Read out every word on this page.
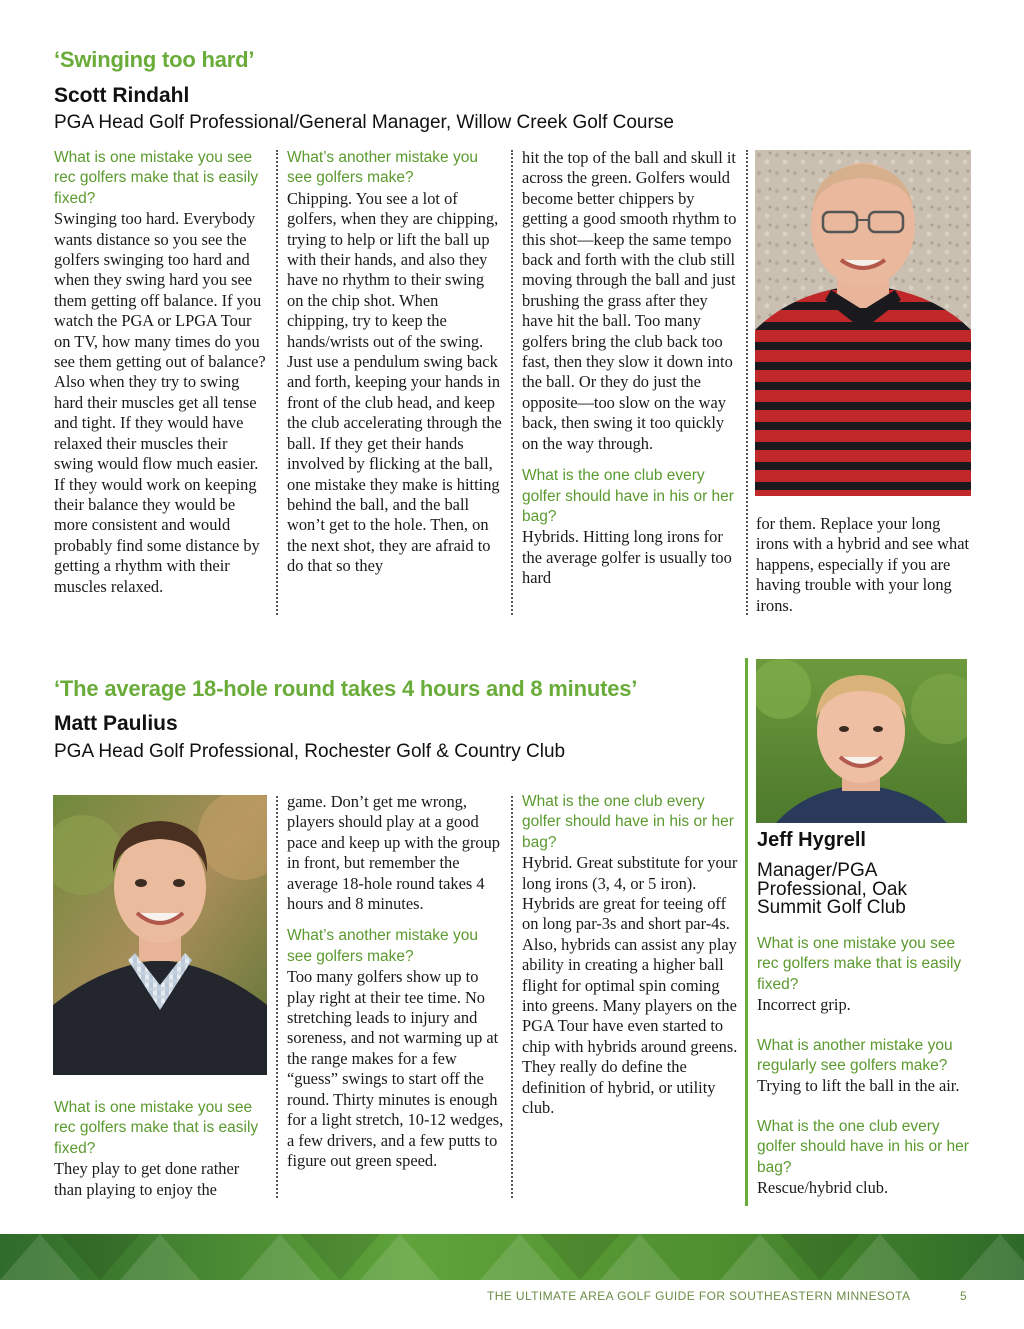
‘Swinging too hard’
Scott Rindahl
PGA Head Golf Professional/General Manager, Willow Creek Golf Course
What is one mistake you see rec golfers make that is easily fixed?
Swinging too hard. Everybody wants distance so you see the golfers swinging too hard and when they swing hard you see them getting off balance. If you watch the PGA or LPGA Tour on TV, how many times do you see them getting out of balance? Also when they try to swing hard their muscles get all tense and tight. If they would have relaxed their muscles their swing would flow much easier. If they would work on keeping their balance they would be more consistent and would probably find some distance by getting a rhythm with their muscles relaxed.
What’s another mistake you see golfers make?
Chipping. You see a lot of golfers, when they are chipping, trying to help or lift the ball up with their hands, and also they have no rhythm to their swing on the chip shot. When chipping, try to keep the hands/wrists out of the swing. Just use a pendulum swing back and forth, keeping your hands in front of the club head, and keep the club accelerating through the ball. If they get their hands involved by flicking at the ball, one mistake they make is hitting behind the ball, and the ball won’t get to the hole. Then, on the next shot, they are afraid to do that so they
hit the top of the ball and skull it across the green. Golfers would become better chippers by getting a good smooth rhythm to this shot—keep the same tempo back and forth with the club still moving through the ball and just brushing the grass after they have hit the ball. Too many golfers bring the club back too fast, then they slow it down into the ball. Or they do just the opposite—too slow on the way back, then swing it too quickly on the way through.
What is the one club every golfer should have in his or her bag?
Hybrids. Hitting long irons for the average golfer is usually too hard
for them. Replace your long irons with a hybrid and see what happens, especially if you are having trouble with your long irons.
‘The average 18-hole round takes 4 hours and 8 minutes’
Matt Paulius
PGA Head Golf Professional, Rochester Golf & Country Club
What is one mistake you see rec golfers make that is easily fixed?
They play to get done rather than playing to enjoy the
game. Don’t get me wrong, players should play at a good pace and keep up with the group in front, but remember the average 18-hole round takes 4 hours and 8 minutes.
What’s another mistake you see golfers make?
Too many golfers show up to play right at their tee time. No stretching leads to injury and soreness, and not warming up at the range makes for a few “guess” swings to start off the round. Thirty minutes is enough for a light stretch, 10-12 wedges, a few drivers, and a few putts to figure out green speed.
What is the one club every golfer should have in his or her bag?
Hybrid. Great substitute for your long irons (3, 4, or 5 iron). Hybrids are great for teeing off on long par-3s and short par-4s. Also, hybrids can assist any play ability in creating a higher ball flight for optimal spin coming into greens. Many players on the PGA Tour have even started to chip with hybrids around greens. They really do define the definition of hybrid, or utility club.
Jeff Hygrell
Manager/PGA Professional, Oak Summit Golf Club
What is one mistake you see rec golfers make that is easily fixed?
Incorrect grip.
What is another mistake you regularly see golfers make?
Trying to lift the ball in the air.
What is the one club every golfer should have in his or her bag?
Rescue/hybrid club.
THE ULTIMATE AREA GOLF GUIDE FOR SOUTHEASTERN MINNESOTA	5
